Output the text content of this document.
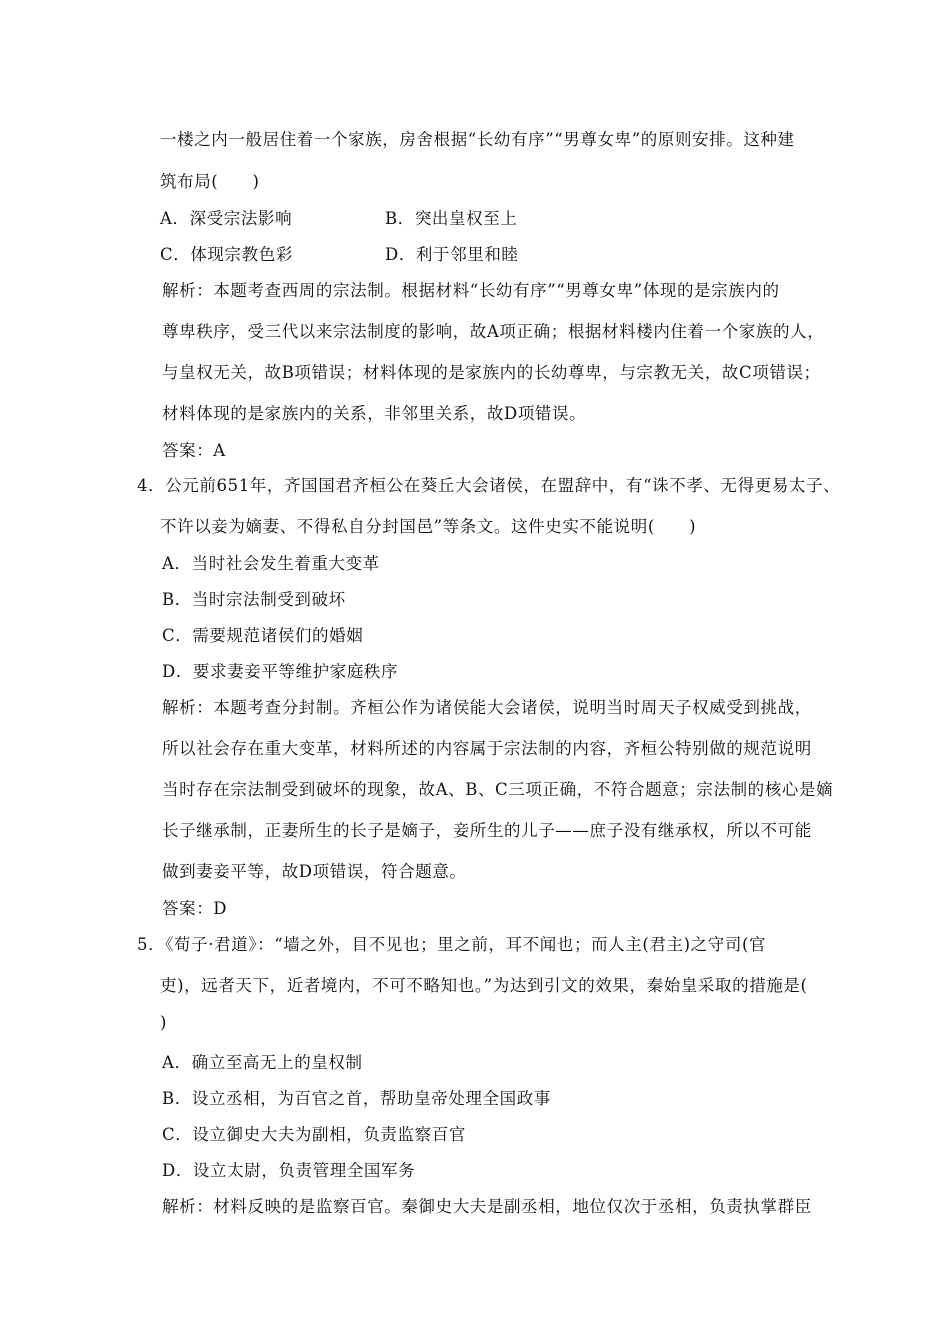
一楼之内一般居住着一个家族，房舍根据“长幼有序”“男尊女卑”的原则安排。这种建
筑布局(　　)
A．深受宗法影响	B．突出皇权至上
C．体现宗教色彩	D．利于邻里和睦
解析：本题考查西周的宗法制。根据材料“长幼有序”“男尊女卑”体现的是宗族内的
尊卑秩序，受三代以来宗法制度的影响，故A项正确；根据材料楼内住着一个家族的人，
与皇权无关，故B项错误；材料体现的是家族内的长幼尊卑，与宗教无关，故C项错误；
材料体现的是家族内的关系，非邻里关系，故D项错误。
答案：A
4．公元前651年，齐国国君齐桓公在葵丘大会诸侯，在盟辞中，有“诛不孝、无得更易太子、
不许以妾为嫡妻、不得私自分封国邑”等条文。这件史实不能说明(　　)
A．当时社会发生着重大变革
B．当时宗法制受到破坏
C．需要规范诸侯们的婚姻
D．要求妻妾平等维护家庭秩序
解析：本题考查分封制。齐桓公作为诸侯能大会诸侯，说明当时周天子权威受到挑战，
所以社会存在重大变革，材料所述的内容属于宗法制的内容，齐桓公特别做的规范说明
当时存在宗法制受到破坏的现象，故A、B、C三项正确，不符合题意；宗法制的核心是嫡
长子继承制，正妻所生的长子是嫡子，妾所生的儿子——庶子没有继承权，所以不可能
做到妻妾平等，故D项错误，符合题意。
答案：D
5．《荀子·君道》：“墙之外，目不见也；里之前，耳不闻也；而人主(君主)之守司(官
吏)，远者天下，近者境内，不可不略知也。”为达到引文的效果，秦始皇采取的措施是(
)
A．确立至高无上的皇权制
B．设立丞相，为百官之首，帮助皇帝处理全国政事
C．设立御史大夫为副相，负责监察百官
D．设立太尉，负责管理全国军务
解析：材料反映的是监察百官。秦御史大夫是副丞相，地位仅次于丞相，负责执掌群臣
